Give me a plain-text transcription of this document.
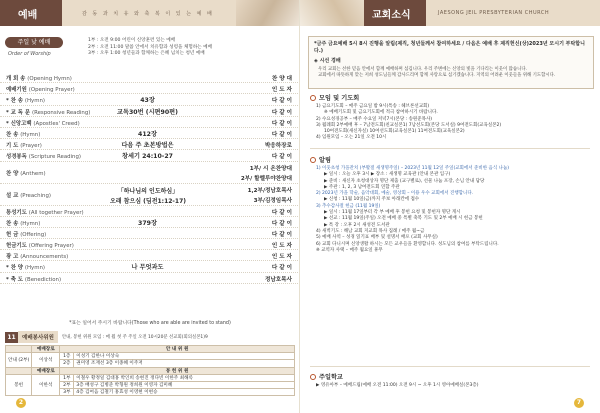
예배	감 동 과 치 유 와 축 복 이 있 는 예 배
주일 낮 예배
Order of Worship
1부 : 오전 9:00 어린이 신앙훈련 있는 예배
2부 : 오전 11:00 말씀 안에서 치유함과 성령을 체험하는 예배
3부 : 오후 1:00 청년들과 함께하는 은혜 넘치는 청년 예배
개 회 송 (Opening Hymn)	찬 양 대
예배기원 (Opening Prayer)	인 도 자
* 찬 송 (Hymn)	43장	다 같 이
* 교 독 문 (Responsive Reading)	교독30번 (시편90편)	다 같 이
* 신앙고백 (Apostles' Creed)	다 같 이
찬 송 (Hymn)	412장	다 같 이
기 도 (Prayer)	다음 주 초본방법은	박응하장로
성경봉독 (Scripture Reading)	창세기 24:10-27	다 같 이
찬 양 (Anthem)
1부/ 시 온찬양대
2부/ 할렐루야찬양대
설 교 (Preaching)
「하나님의 인도하심」
오래 참으심 (딤전1:12-17)
1,2부/정남호목사
3부/김정임목사
통성기도 (All together Prayer)	다 같 이
찬 송 (Hymn)	379장	다 같 이
헌 금 (Offering)	다 같 이
헌금기도 (Offering Prayer)	인 도 자
광 고 (Announcements)	인 도 자
* 찬 양 (Hymn)	나 무엇과도	다 같 이
* 축 도 (Benediction)	정남호목사
*표는 일어서 주시기 바랍니다(Those who are able are invited to stand)
11	예배봉사위원	안내, 봉헌 위원 모임 : 매 월 첫 주 주일 오전 10시20분 선교회(회의실본1)9
	예배장로	안 내 위 원	
안내 (2부)	이상석	1층	이성기 김한나 이상숙
		2층	권미영 조재선 3층 이종혜 이주저
	예배장로	봉 헌 위 원	
봉헌	이한석	1부	이철우 황정일 김대홍 박인희 송현진 정다빈 이한주 최해록
		2부	3층 배성구 김병준 박형원 정희원 이영자 김미혜
		3부	4층 김여음 김철기 홍효성 이영현 이현승
2
교회소식	JAESONG JEIL PRESBYTERIAN CHURCH
*금주 금요예배 5시 8시 진행을 알림(제직, 청년들께서 참여하세요 / 다음은 예배 후 제직헌신(상)2023년 모시기 부탁합니다.)
◈ 시선 경배
우리 교회는 선한 믿음 안에서 함께 예배하며 섬깁니다. 우리 주변에는 신앙의 빛을 기다리는 이웃이 많습니다.
교회에서 따뜻하게 맞는 저희 성도님들께 감사드리며 함께 사랑으로 섬기겠습니다. 지역의 어려운 이웃들을 위해 기도합시다.
모임 및 기도회
1) 금요기도회 – 매주 금요일 밤 9시(특송 : 헤브론선교회)
※ 예배기도회 및 금요기도회에 적극 참여하시기 바랍니다.
2) 수요성경공부 – 매주 수요일 저녁7시(본당 : 송원준목사)
3) 월례회 2부예배 후 – 7남전도회(친교실본1) 7남선도회(본당 도서실) 9여전도회(교육실본2)
10여전도회(새신자실) 10여선도회(교육실본1) 11여전도회(교육실본2)
4) 임원모임 – 오는 21일 오전 10시
알림
1) 이웃초청 가을잔치 (부활절 새생명주일) – 2023년 11월 12일 주일(교회에서 준비한 음식 나눔)
▶ 일시 : 오늘 오후 3시 ▶ 장소 : 새생명 교육관 (안내 본관 입구)
▶ 준비 : 새신자 초청대상자 명단 제출 (교구별로), 선물 나눔 포장, 손님 안내 담당
▶ 주관 : 1, 2, 3 남여전도회 연합 주관
2) 2023년 가을 학술, 음악대회, 예술, 영상회 – 이용 우수 교회에서 진행합니다.
▶ 신청 : 11월 10일(금)까지 주보 아래칸에 접수
3) 추수감사절 헌금 (11월 19일)
▶ 일시 : 11월 17일부터 각 부 예배 후 봉헌 요청 및 봉헌자 명단 게시
▶ 선교 : 11월 19일(주일) 오전 예배 중 특별 축복 기도 및 2부 예배 시 헌금 봉헌
▶ 특 강 : 오후 2시 새성전 도서관
4) 새벽기도 : 해남 교회 지교회 목사 집례 / 매주 월~금
5) 예배 사역 – 성경 읽기표 배부 및 설명서 배포 (교회 사무실)
6) 교회 다니시며 신앙생활 하시는 모든 교우들을 환영합니다. 성도님의 참여를 부탁드립니다.
※ 교역자 사택 – 매주 월요일 휴무
주일학교
▶ 영유아부 – 예배드림(예배 오전 11:00) 오전 9시 ~ 오후 1시 영아예배실(본3층)
7
